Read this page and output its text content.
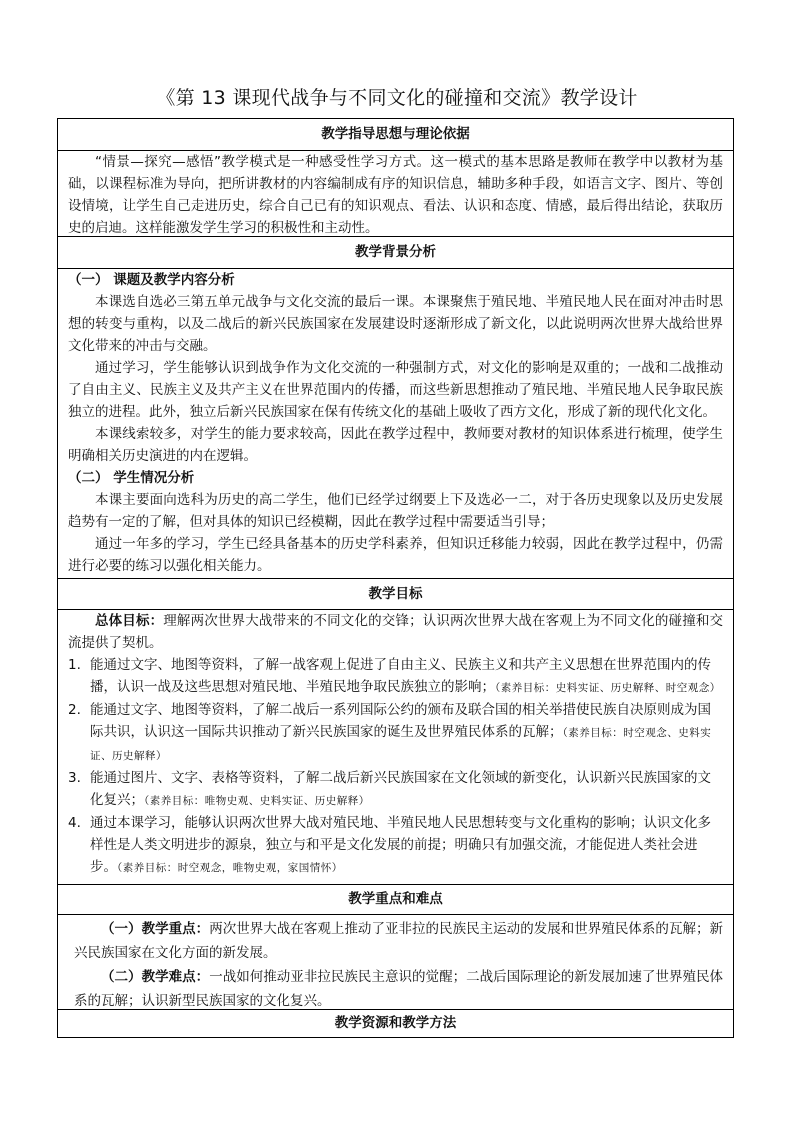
《第 13 课现代战争与不同文化的碰撞和交流》教学设计
教学指导思想与理论依据

“情景—探究—感悟”教学模式是一种感受性学习方式。这一模式的基本思路是教师在教学中以教材为基础，以课程标准为导向，把所讲教材的内容编制成有序的知识信息，辅助多种手段，如语言文字、图片、等创设情境，让学生自己走进历史，综合自己已有的知识观点、看法、认识和态度、情感，最后得出结论，获取历史的启迪。这样能激发学生学习的积极性和主动性。

教学背景分析

（一） 课题及教学内容分析

本课选自选必三第五单元战争与文化交流的最后一课。本课聚焦于殖民地、半殖民地人民在面对冲击时思想的转变与重构，以及二战后的新兴民族国家在发展建设时逐渐形成了新文化，以此说明两次世界大战给世界文化带来的冲击与交融。

通过学习，学生能够认识到战争作为文化交流的一种强制方式，对文化的影响是双重的；一战和二战推动了自由主义、民族主义及共产主义在世界范围内的传播，而这些新思想推动了殖民地、半殖民地人民争取民族独立的进程。此外，独立后新兴民族国家在保有传统文化的基础上吸收了西方文化，形成了新的现代化文化。

本课线索较多，对学生的能力要求较高，因此在教学过程中，教师要对教材的知识体系进行梳理，使学生明确相关历史演进的内在逻辑。

（二） 学生情况分析

本课主要面向选科为历史的高二学生，他们已经学过纲要上下及选必一二，对于各历史现象以及历史发展趋势有一定的了解，但对具体的知识已经模糊，因此在教学过程中需要适当引导；

通过一年多的学习，学生已经具备基本的历史学科素养，但知识迁移能力较弱，因此在教学过程中，仍需进行必要的练习以强化相关能力。

教学目标

总体目标：理解两次世界大战带来的不同文化的交锋；认识两次世界大战在客观上为不同文化的碰撞和交流提供了契机。

1. 能通过文字、地图等资料，了解一战客观上促进了自由主义、民族主义和共产主义思想在世界范围内的传播，认识一战及这些思想对殖民地、半殖民地争取民族独立的影响；（素养目标：史料实证、历史解释、时空观念）

2. 能通过文字、地图等资料，了解二战后一系列国际公约的颁布及联合国的相关举措使民族自决原则成为国际共识，认识这一国际共识推动了新兴民族国家的诞生及世界殖民体系的瓦解；（素养目标：时空观念、史料实证、历史解释）

3. 能通过图片、文字、表格等资料，了解二战后新兴民族国家在文化领域的新变化，认识新兴民族国家的文化复兴；（素养目标：唯物史观、史料实证、历史解释）

4. 通过本课学习，能够认识两次世界大战对殖民地、半殖民地人民思想转变与文化重构的影响；认识文化多样性是人类文明进步的源泉，独立与和平是文化发展的前提；明确只有加强交流，才能促进人类社会进步。（素养目标：时空观念，唯物史观，家国情怀）

教学重点和难点

（一）教学重点：两次世界大战在客观上推动了亚非拉的民族民主运动的发展和世界殖民体系的瓦解；新兴民族国家在文化方面的新发展。

（二）教学难点：一战如何推动亚非拉民族民主意识的觉醒；二战后国际理论的新发展加速了世界殖民体系的瓦解；认识新型民族国家的文化复兴。

教学资源和教学方法
